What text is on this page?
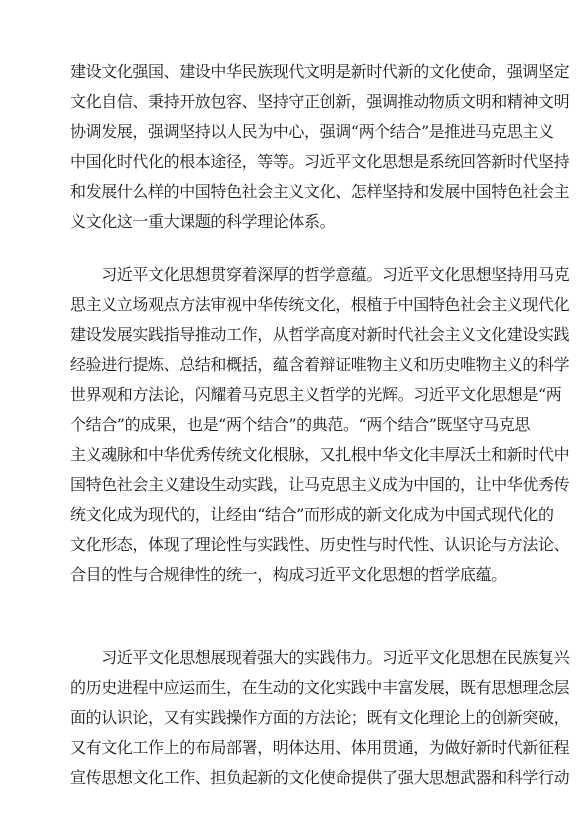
建设文化强国、建设中华民族现代文明是新时代新的文化使命，强调坚定
文化自信、秉持开放包容、坚持守正创新，强调推动物质文明和精神文明
协调发展，强调坚持以人民为中心，强调“两个结合”是推进马克思主义
中国化时代化的根本途径，等等。习近平文化思想是系统回答新时代坚持
和发展什么样的中国特色社会主义文化、怎样坚持和发展中国特色社会主
义文化这一重大课题的科学理论体系。
　　习近平文化思想贯穿着深厚的哲学意蕴。习近平文化思想坚持用马克
思主义立场观点方法审视中华传统文化，根植于中国特色社会主义现代化
建设发展实践指导推动工作，从哲学高度对新时代社会主义文化建设实践
经验进行提炼、总结和概括，蕴含着辩证唯物主义和历史唯物主义的科学
世界观和方法论，闪耀着马克思主义哲学的光辉。习近平文化思想是“两
个结合”的成果，也是“两个结合”的典范。“两个结合”既坚守马克思
主义魂脉和中华优秀传统文化根脉，又扎根中华文化丰厚沃土和新时代中
国特色社会主义建设生动实践，让马克思主义成为中国的，让中华优秀传
统文化成为现代的，让经由“结合”而形成的新文化成为中国式现代化的
文化形态，体现了理论性与实践性、历史性与时代性、认识论与方法论、
合目的性与合规律性的统一，构成习近平文化思想的哲学底蕴。
　　习近平文化思想展现着强大的实践伟力。习近平文化思想在民族复兴
的历史进程中应运而生，在生动的文化实践中丰富发展，既有思想理念层
面的认识论，又有实践操作方面的方法论；既有文化理论上的创新突破，
又有文化工作上的布局部署，明体达用、体用贯通，为做好新时代新征程
宣传思想文化工作、担负起新的文化使命提供了强大思想武器和科学行动
